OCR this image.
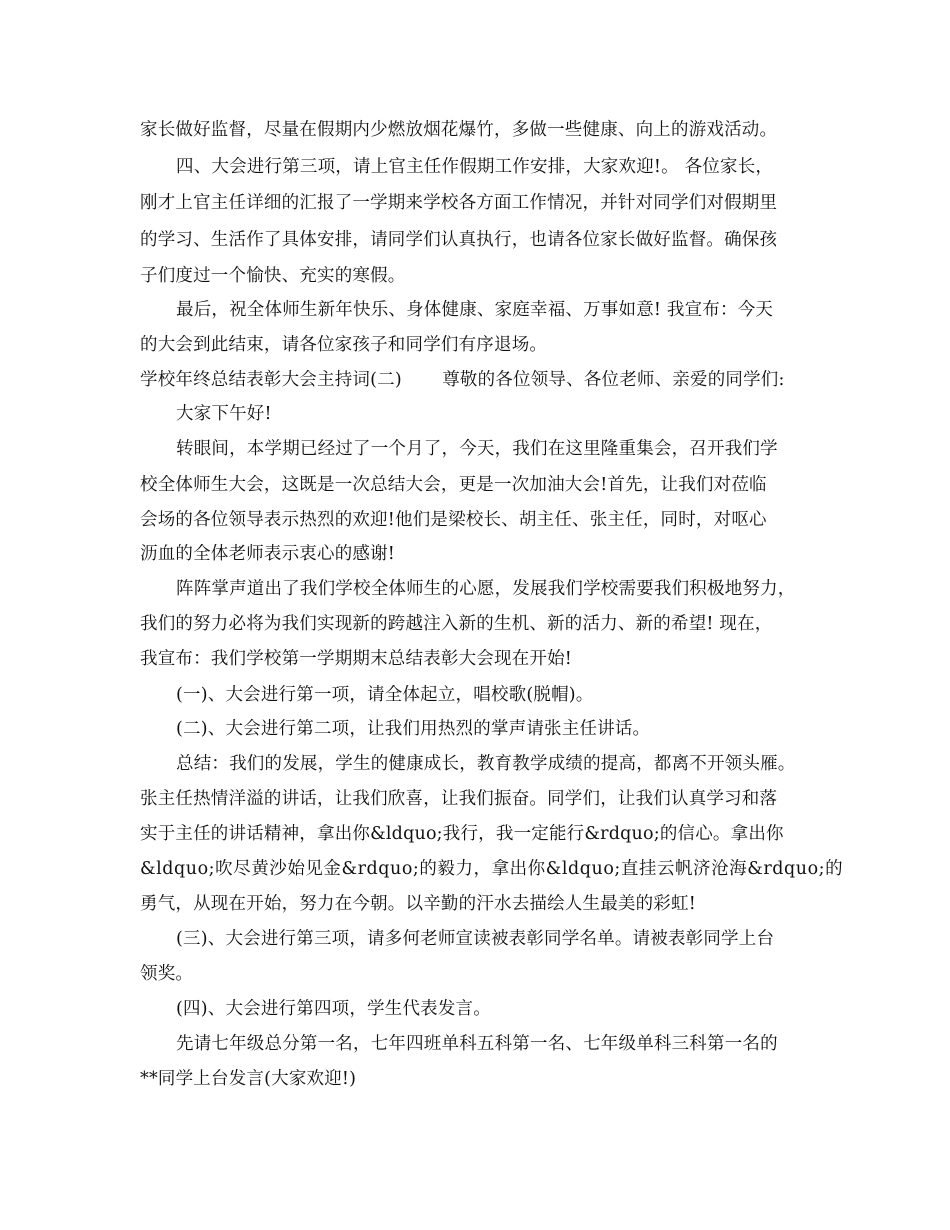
家长做好监督，尽量在假期内少燃放烟花爆竹，多做一些健康、向上的游戏活动。
四、大会进行第三项，请上官主任作假期工作安排，大家欢迎!。 各位家长，
刚才上官主任详细的汇报了一学期来学校各方面工作情况，并针对同学们对假期里
的学习、生活作了具体安排，请同学们认真执行，也请各位家长做好监督。确保孩
子们度过一个愉快、充实的寒假。
最后，祝全体师生新年快乐、身体健康、家庭幸福、万事如意! 我宣布：今天
的大会到此结束，请各位家孩子和同学们有序退场。
学校年终总结表彰大会主持词(二)       尊敬的各位领导、各位老师、亲爱的同学们:
大家下午好!
转眼间，本学期已经过了一个月了，今天，我们在这里隆重集会，召开我们学
校全体师生大会，这既是一次总结大会，更是一次加油大会!首先，让我们对莅临
会场的各位领导表示热烈的欢迎!他们是梁校长、胡主任、张主任，同时，对呕心
沥血的全体老师表示衷心的感谢!
阵阵掌声道出了我们学校全体师生的心愿，发展我们学校需要我们积极地努力，
我们的努力必将为我们实现新的跨越注入新的生机、新的活力、新的希望! 现在，
我宣布：我们学校第一学期期末总结表彰大会现在开始!
(一)、大会进行第一项，请全体起立，唱校歌(脱帽)。
(二)、大会进行第二项，让我们用热烈的掌声请张主任讲话。
总结：我们的发展，学生的健康成长，教育教学成绩的提高，都离不开领头雁。
张主任热情洋溢的讲话，让我们欣喜，让我们振奋。同学们，让我们认真学习和落
实于主任的讲话精神，拿出你&ldquo;我行，我一定能行&rdquo;的信心。拿出你
&ldquo;吹尽黄沙始见金&rdquo;的毅力，拿出你&ldquo;直挂云帆济沧海&rdquo;的
勇气，从现在开始，努力在今朝。以辛勤的汗水去描绘人生最美的彩虹!
(三)、大会进行第三项，请多何老师宣读被表彰同学名单。请被表彰同学上台
领奖。
(四)、大会进行第四项，学生代表发言。
先请七年级总分第一名，七年四班单科五科第一名、七年级单科三科第一名的
**同学上台发言(大家欢迎!)
